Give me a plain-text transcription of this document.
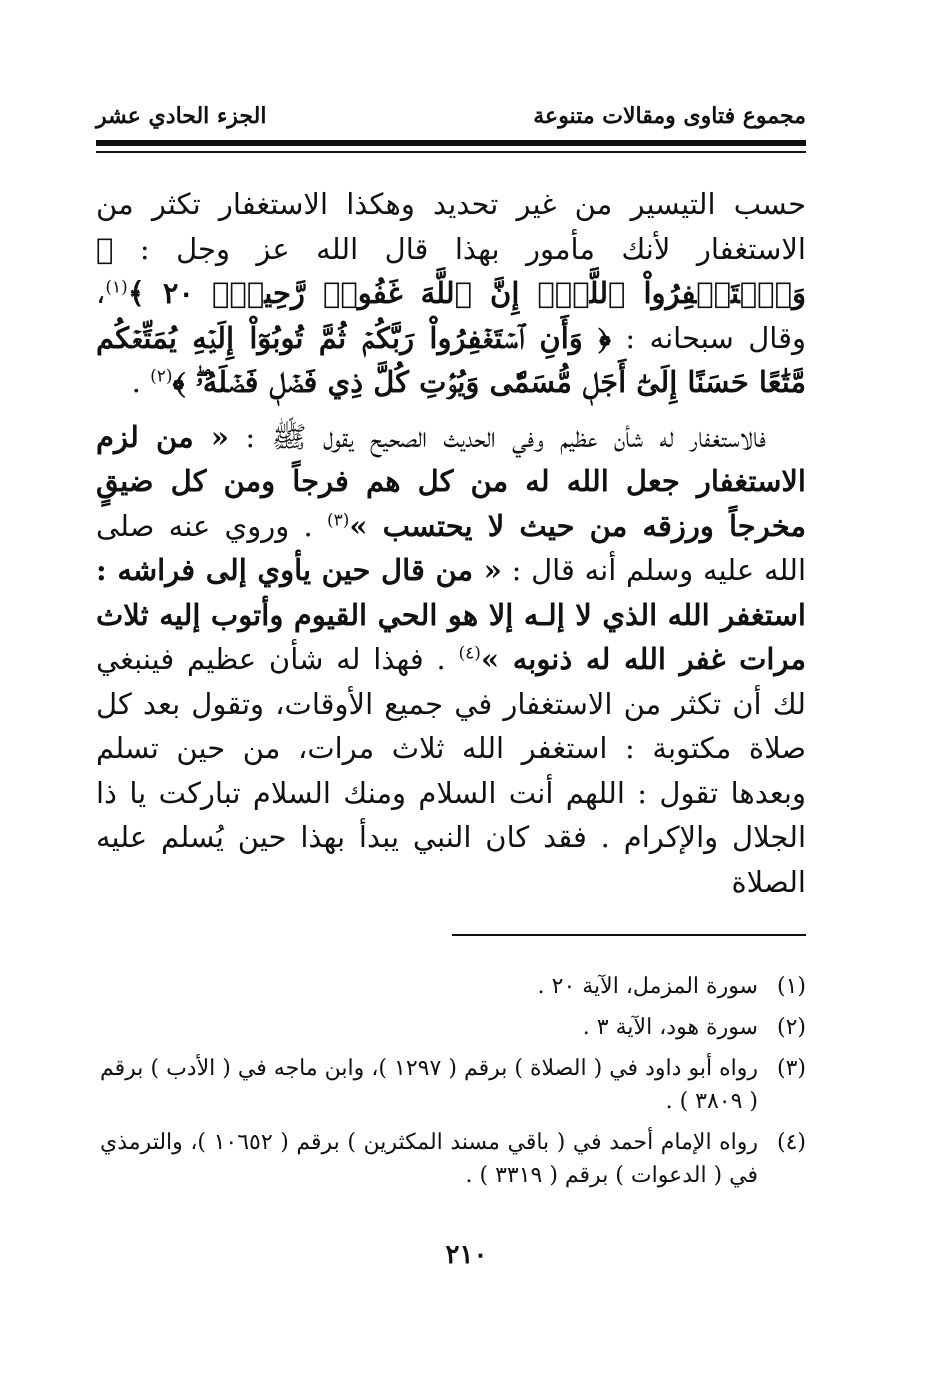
مجموع فتاوى ومقالات متنوعة
الجزء الحادي عشر

حسب التيسير من غير تحديد وهكذا الاستغفار تكثر من الاستغفار لأنك مأمور بهذا قال الله عز وجل : ﴿ وَٱسۡتَغۡفِرُواْ ٱللَّهَۖ إِنَّ ٱللَّهَ غَفُورٞ رَّحِيمُۢ ٢٠ ﴾$^{(١)}$، وقال سبحانه : ﴿ وَأَنِ ٱسۡتَغۡفِرُواْ رَبَّكُمۡ ثُمَّ تُوبُوٓاْ إِلَيۡهِ يُمَتِّعۡكُم مَّتَٰعًا حَسَنًا إِلَىٰٓ أَجَلٖ مُّسَمّٗى وَيُؤۡتِ كُلَّ ذِي فَضۡلٖ فَضۡلَهُۥۖ ﴾$^{(٢)}$ .

فالاستغفار له شأن عظيم وفي الحديث الصحيح يقول ﷺ : « من لزم الاستغفار جعل الله له من كل هم فرجاً ومن كل ضيقٍ مخرجاً ورزقه من حيث لا يحتسب »$^{(٣)}$ . وروي عنه صلى الله عليه وسلم أنه قال : « من قال حين يأوي إلى فراشه : استغفر الله الذي لا إلـه إلا هو الحي القيوم وأتوب إليه ثلاث مرات غفر الله له ذنوبه »$^{(٤)}$ . فهذا له شأن عظيم فينبغي لك أن تكثر من الاستغفار في جميع الأوقات، وتقول بعد كل صلاة مكتوبة : استغفر الله ثلاث مرات، من حين تسلم وبعدها تقول : اللهم أنت السلام ومنك السلام تباركت يا ذا الجلال والإكرام . فقد كان النبي يبدأ بهذا حين يُسلم عليه الصلاة

(١)
سورة المزمل، الآية ٢٠ .
(٢)
سورة هود، الآية ٣ .
(٣)
رواه أبو داود في ( الصلاة ) برقم ( ١٢٩٧ )، وابن ماجه في ( الأدب ) برقم ( ٣٨٠٩ ) .
(٤)
رواه الإمام أحمد في ( باقي مسند المكثرين ) برقم ( ١٠٦٥٢ )، والترمذي في ( الدعوات ) برقم ( ٣٣١٩ ) .
٢١٠
